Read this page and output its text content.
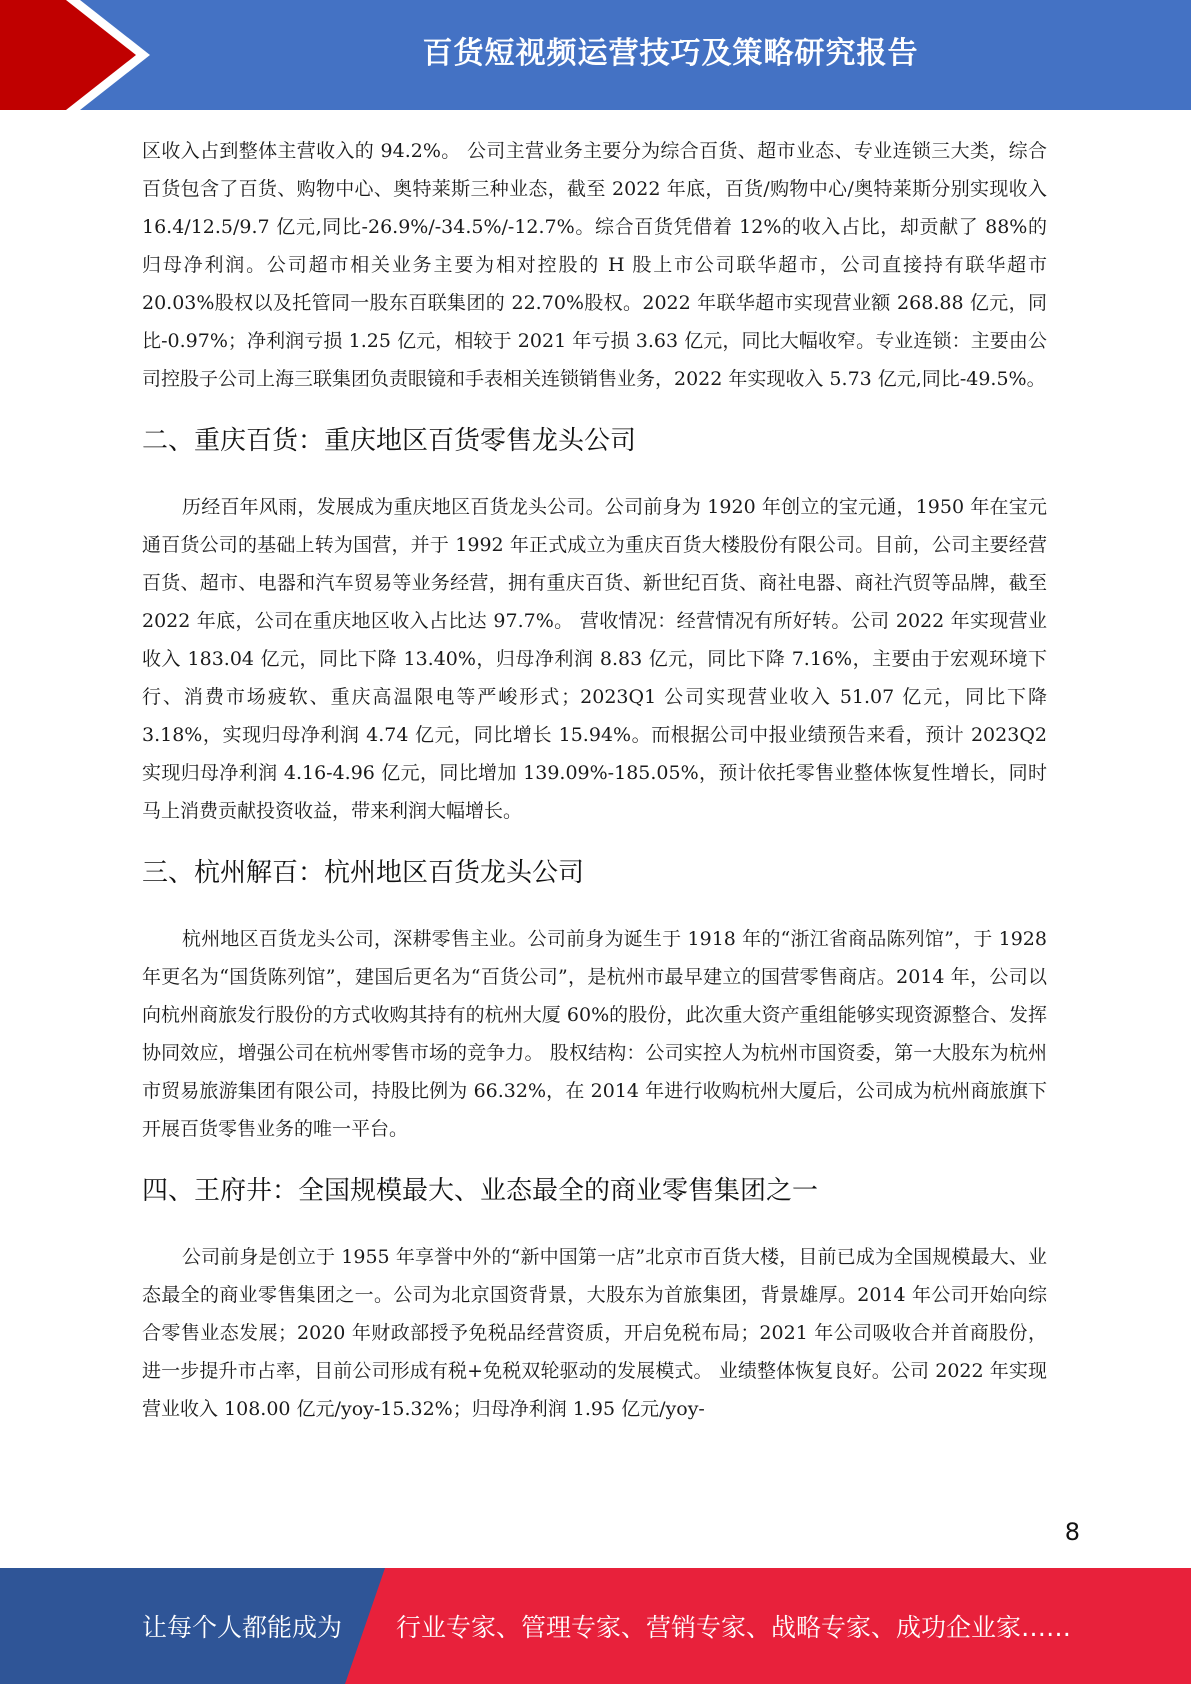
百货短视频运营技巧及策略研究报告

区收入占到整体主营收入的 94.2%。 公司主营业务主要分为综合百货、超市业态、专业连锁三大类，综合百货包含了百货、购物中心、奥特莱斯三种业态，截至 2022 年底，百货/购物中心/奥特莱斯分别实现收入 16.4/12.5/9.7 亿元,同比-26.9%/-34.5%/-12.7%。综合百货凭借着 12%的收入占比，却贡献了 88%的归母净利润。公司超市相关业务主要为相对控股的 H 股上市公司联华超市，公司直接持有联华超市 20.03%股权以及托管同一股东百联集团的 22.70%股权。2022 年联华超市实现营业额 268.88 亿元，同比-0.97%；净利润亏损 1.25 亿元，相较于 2021 年亏损 3.63 亿元，同比大幅收窄。专业连锁：主要由公司控股子公司上海三联集团负责眼镜和手表相关连锁销售业务，2022 年实现收入 5.73 亿元,同比-49.5%。

二、重庆百货：重庆地区百货零售龙头公司

历经百年风雨，发展成为重庆地区百货龙头公司。公司前身为 1920 年创立的宝元通，1950 年在宝元通百货公司的基础上转为国营，并于 1992 年正式成立为重庆百货大楼股份有限公司。目前，公司主要经营百货、超市、电器和汽车贸易等业务经营，拥有重庆百货、新世纪百货、商社电器、商社汽贸等品牌，截至 2022 年底，公司在重庆地区收入占比达 97.7%。 营收情况：经营情况有所好转。公司 2022 年实现营业收入 183.04 亿元，同比下降 13.40%，归母净利润 8.83 亿元，同比下降 7.16%，主要由于宏观环境下行、消费市场疲软、重庆高温限电等严峻形式；2023Q1 公司实现营业收入 51.07 亿元，同比下降 3.18%，实现归母净利润 4.74 亿元，同比增长 15.94%。而根据公司中报业绩预告来看，预计 2023Q2 实现归母净利润 4.16-4.96 亿元，同比增加 139.09%-185.05%，预计依托零售业整体恢复性增长，同时马上消费贡献投资收益，带来利润大幅增长。

三、杭州解百：杭州地区百货龙头公司

杭州地区百货龙头公司，深耕零售主业。公司前身为诞生于 1918 年的“浙江省商品陈列馆”，于 1928 年更名为“国货陈列馆”，建国后更名为“百货公司”，是杭州市最早建立的国营零售商店。2014 年，公司以向杭州商旅发行股份的方式收购其持有的杭州大厦 60%的股份，此次重大资产重组能够实现资源整合、发挥协同效应，增强公司在杭州零售市场的竞争力。 股权结构：公司实控人为杭州市国资委，第一大股东为杭州市贸易旅游集团有限公司，持股比例为 66.32%，在 2014 年进行收购杭州大厦后，公司成为杭州商旅旗下开展百货零售业务的唯一平台。

四、王府井：全国规模最大、业态最全的商业零售集团之一

公司前身是创立于 1955 年享誉中外的“新中国第一店”北京市百货大楼，目前已成为全国规模最大、业态最全的商业零售集团之一。公司为北京国资背景，大股东为首旅集团，背景雄厚。2014 年公司开始向综合零售业态发展；2020 年财政部授予免税品经营资质，开启免税布局；2021 年公司吸收合并首商股份，进一步提升市占率，目前公司形成有税+免税双轮驱动的发展模式。 业绩整体恢复良好。公司 2022 年实现营业收入 108.00 亿元/yoy-15.32%；归母净利润 1.95 亿元/yoy-

8
让每个人都能成为 行业专家、管理专家、营销专家、战略专家、成功企业家……
